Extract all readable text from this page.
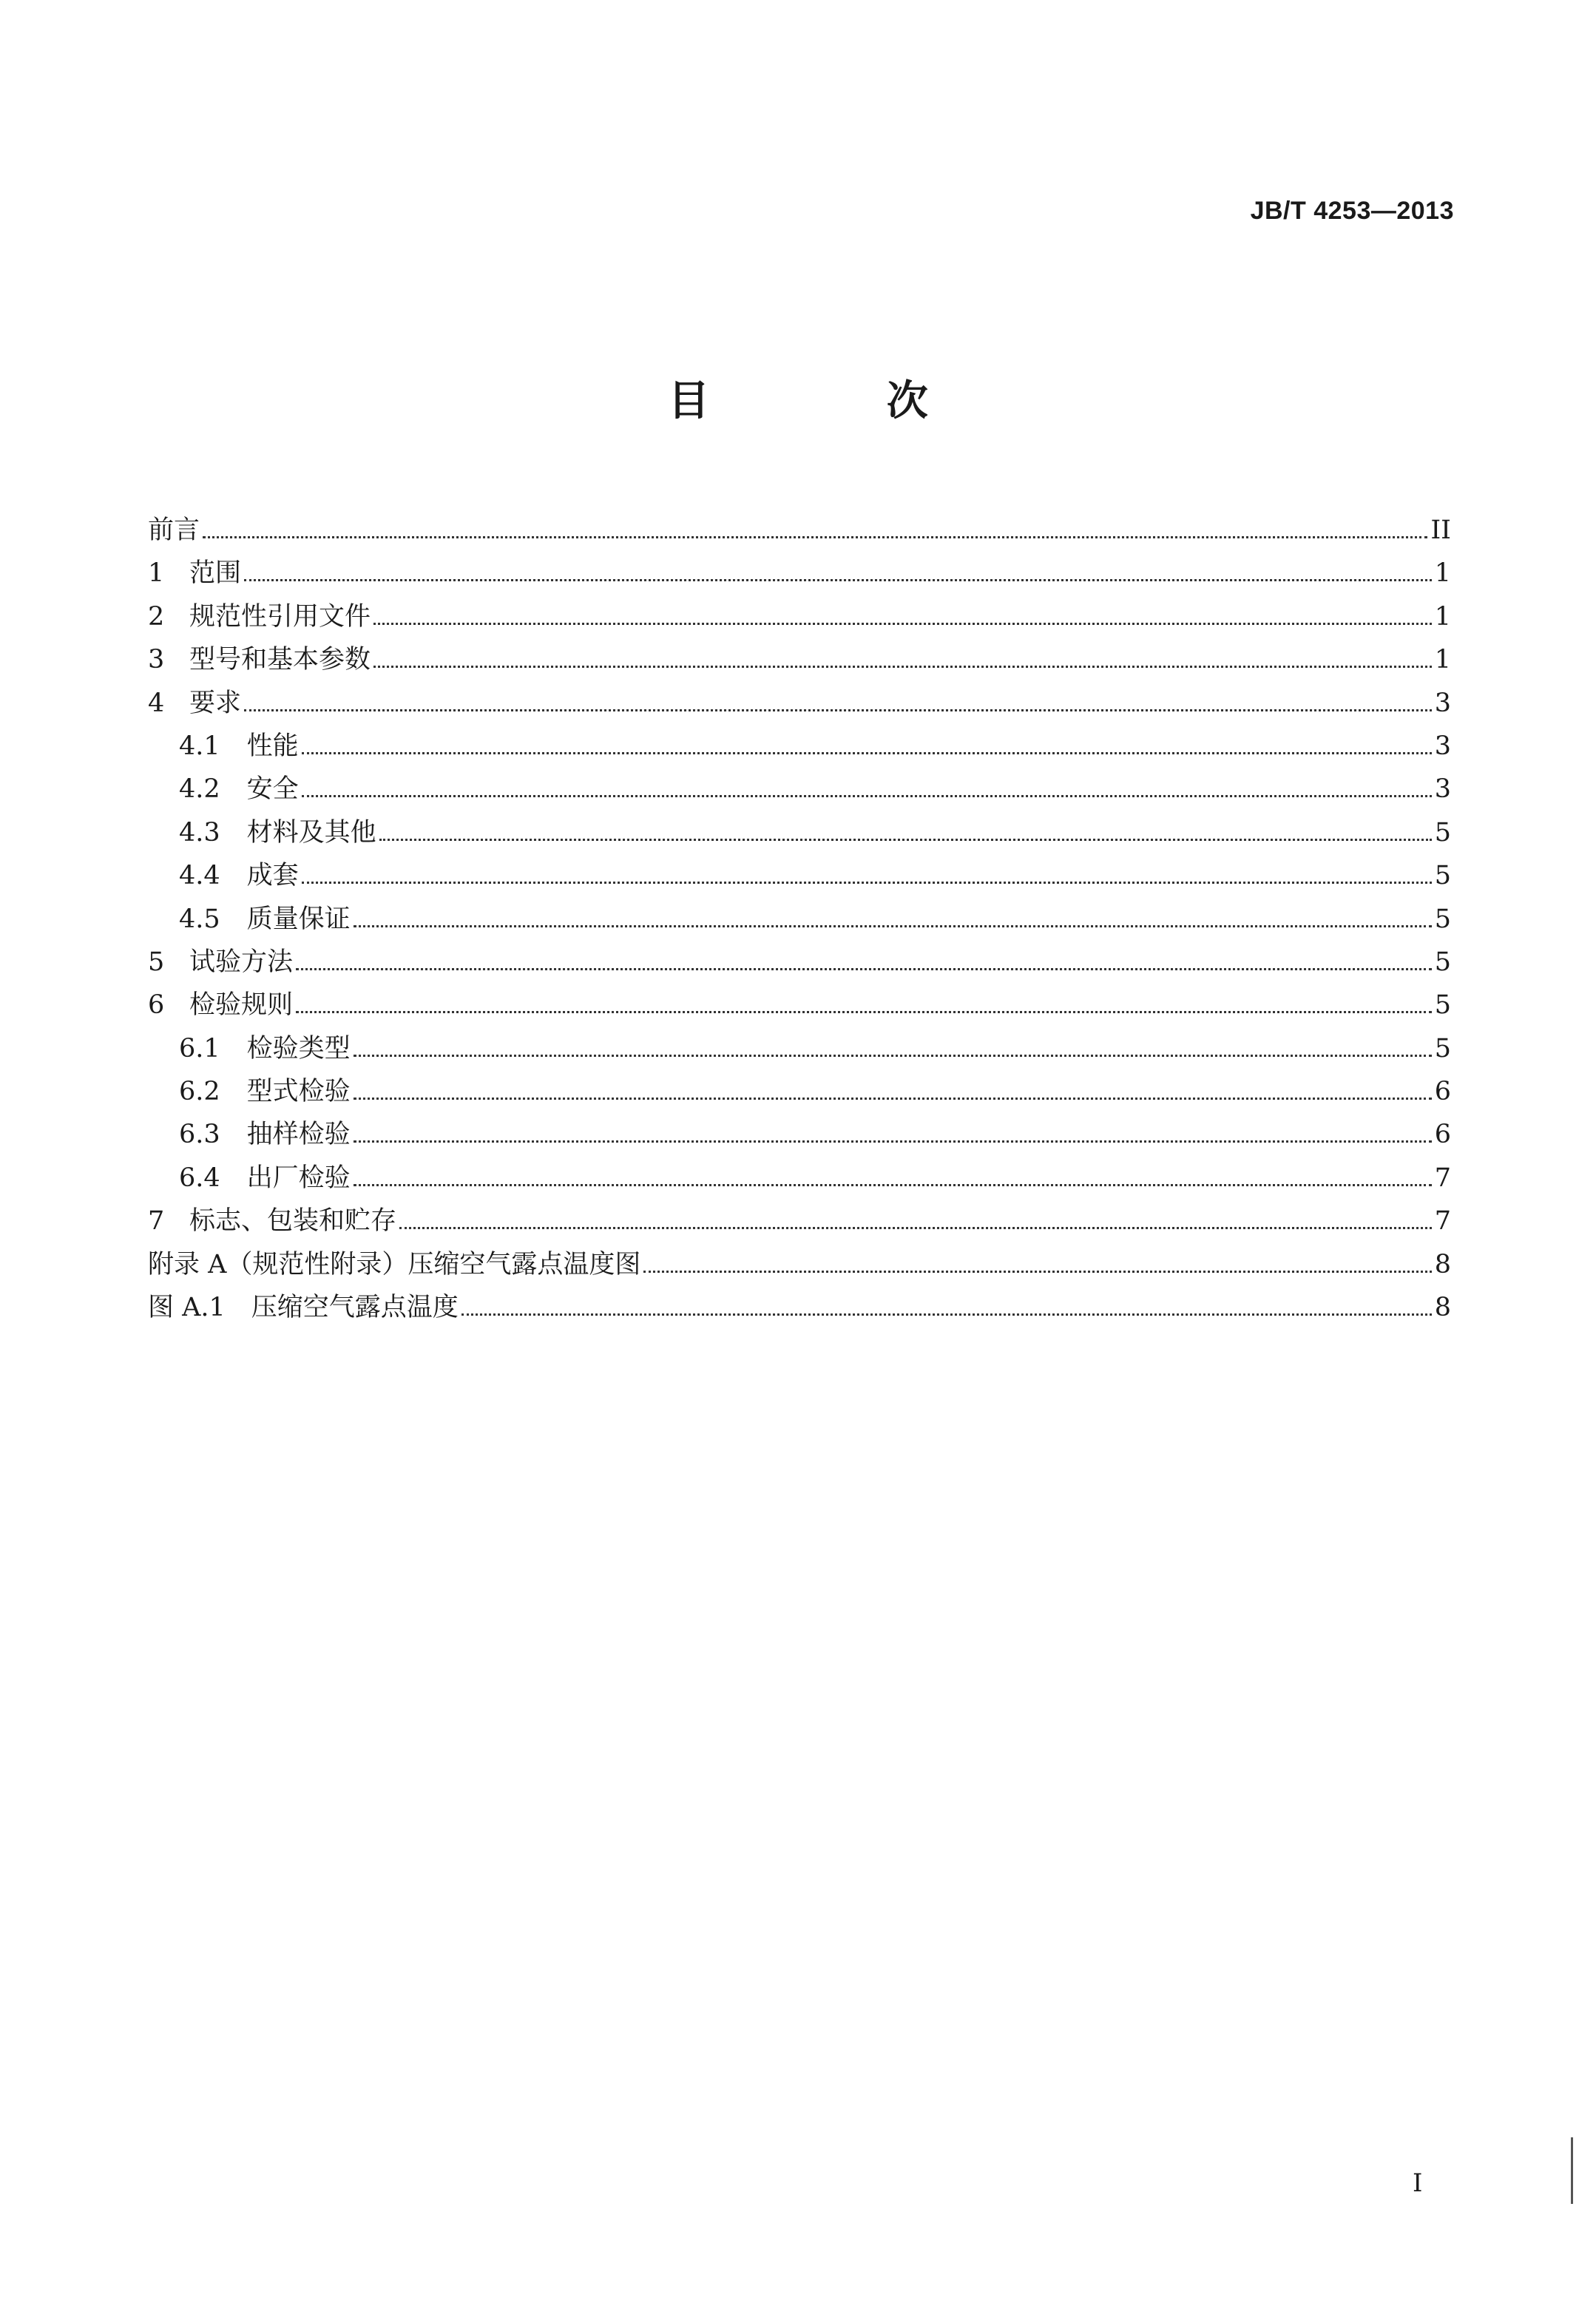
JB/T 4253—2013
目 次
前言	II
1 范围	1
2 规范性引用文件	1
3 型号和基本参数	1
4 要求	3
4.1 性能	3
4.2 安全	3
4.3 材料及其他	5
4.4 成套	5
4.5 质量保证	5
5 试验方法	5
6 检验规则	5
6.1 检验类型	5
6.2 型式检验	6
6.3 抽样检验	6
6.4 出厂检验	7
7 标志、包装和贮存	7
附录 A（规范性附录）压缩空气露点温度图	8
图 A.1　压缩空气露点温度	8
I
